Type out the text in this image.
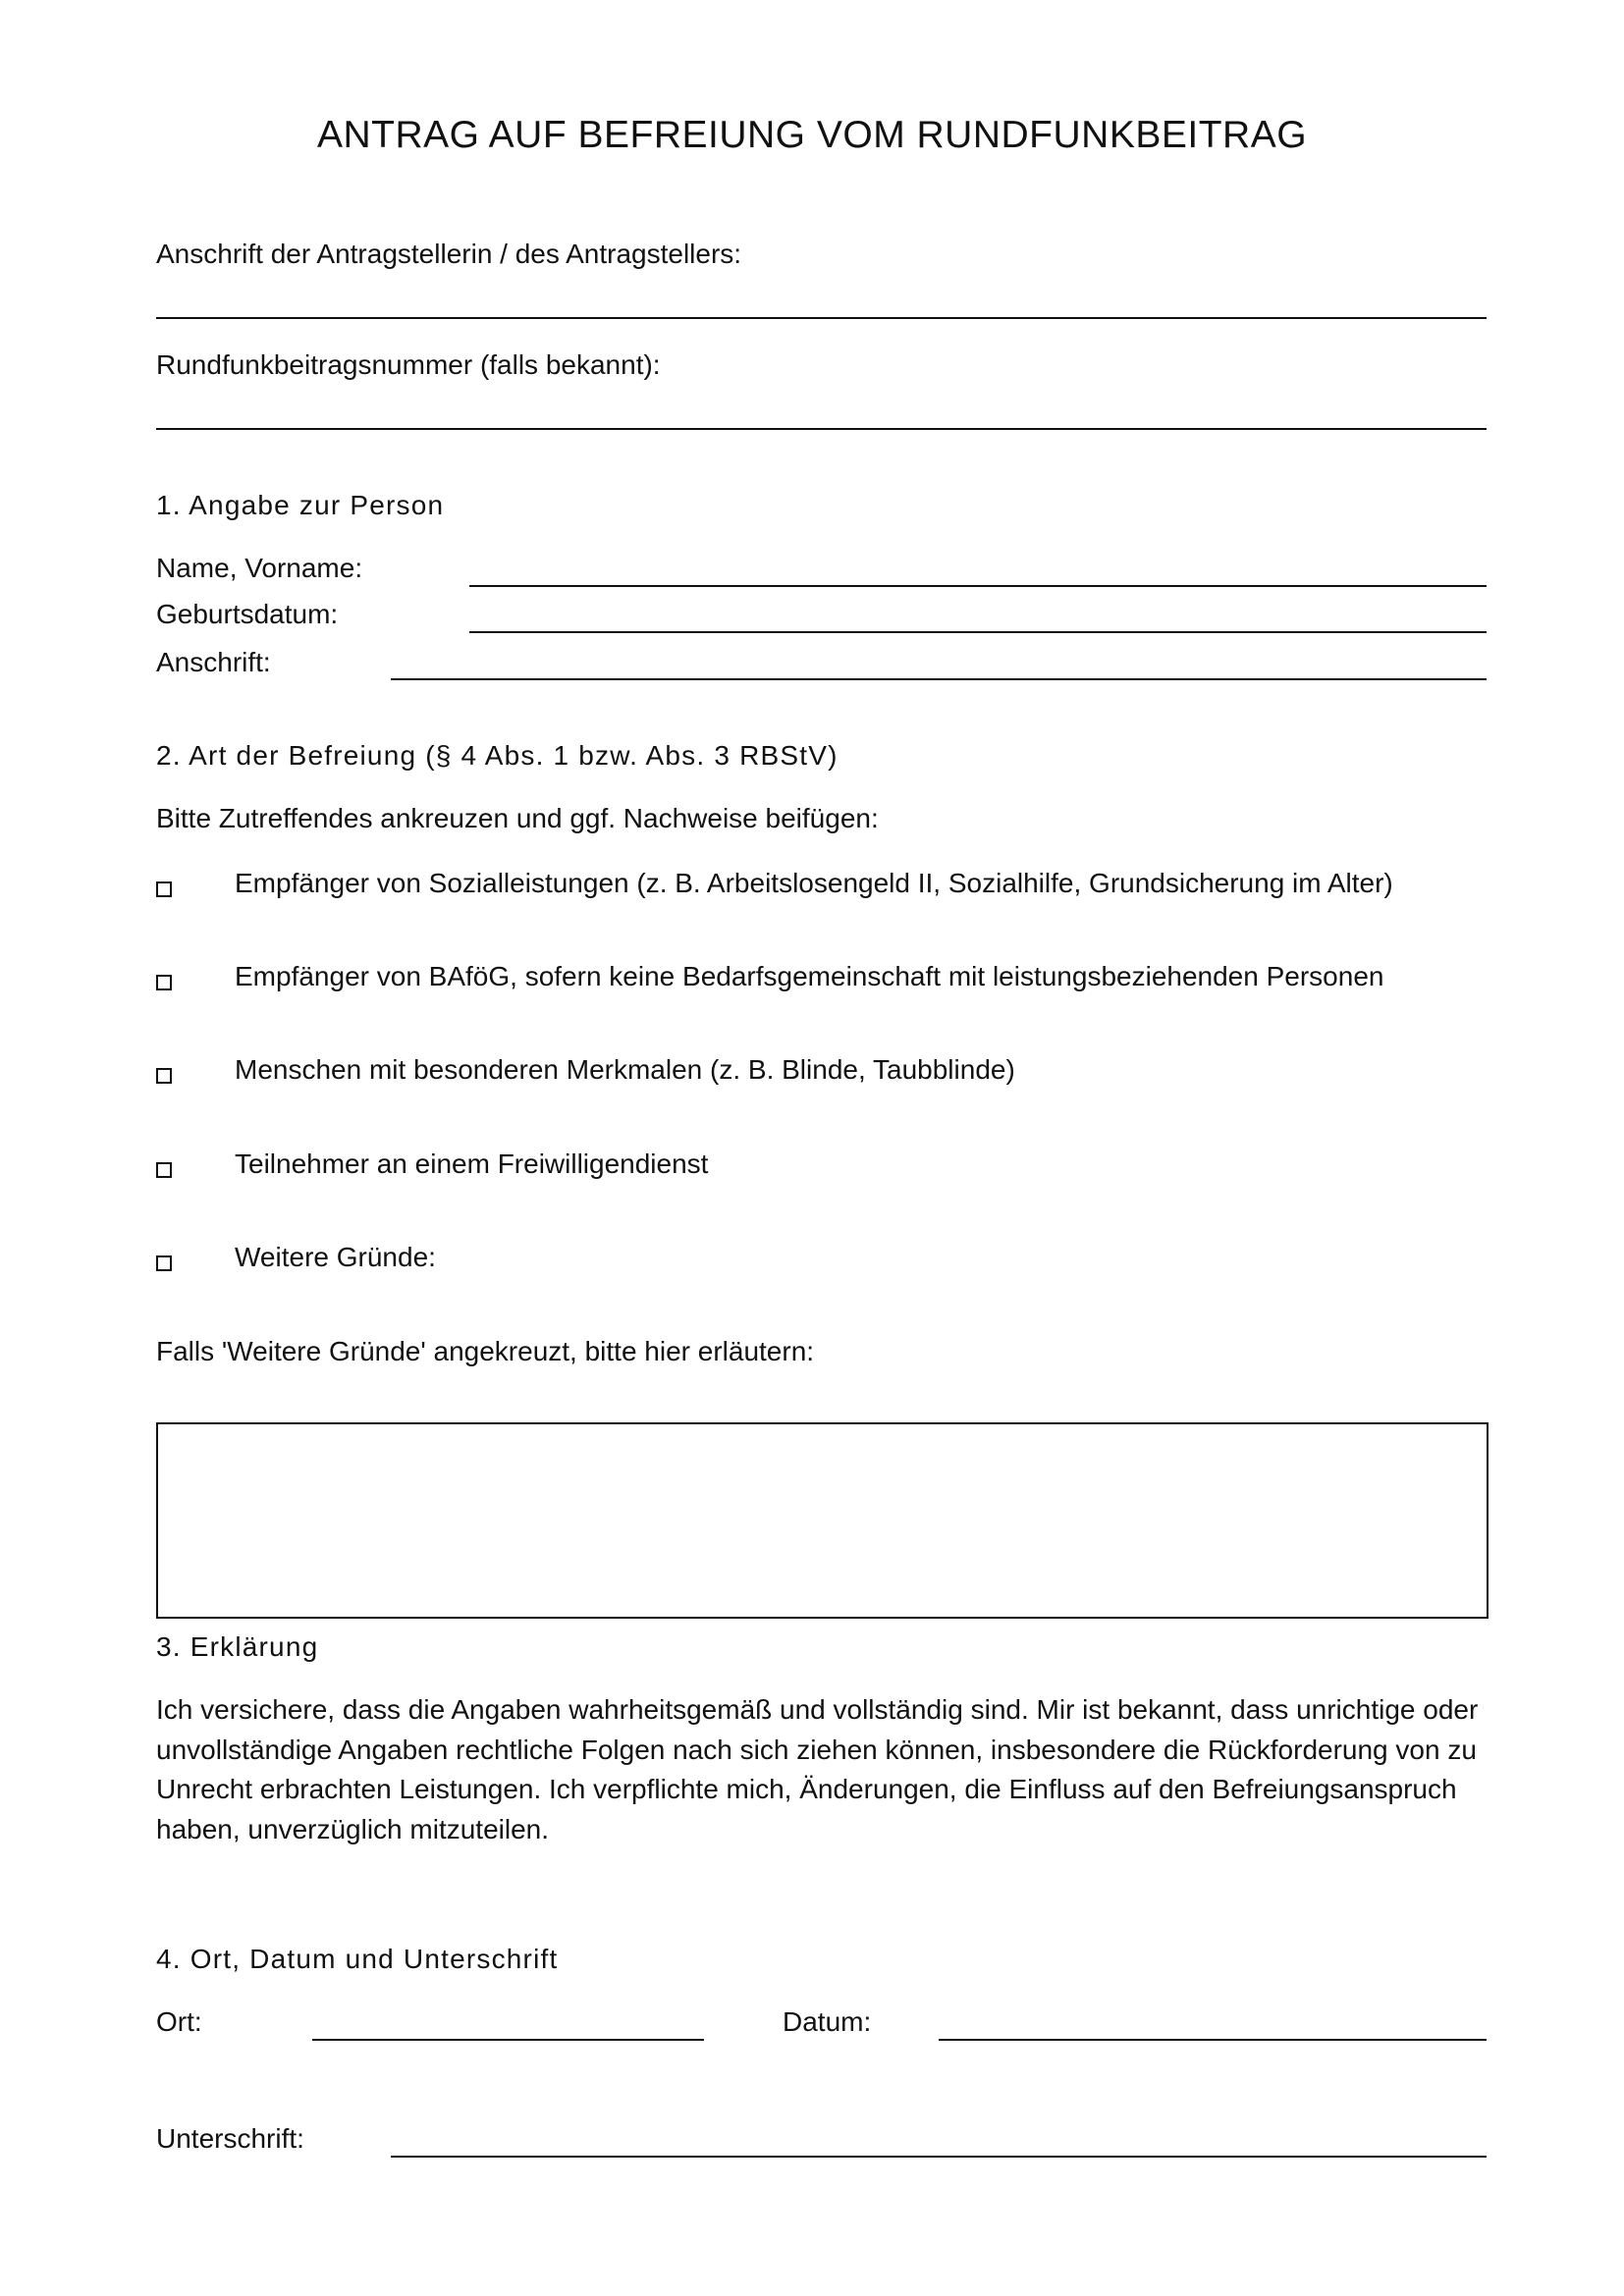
ANTRAG AUF BEFREIUNG VOM RUNDFUNKBEITRAG
Anschrift der Antragstellerin / des Antragstellers:
Rundfunkbeitragsnummer (falls bekannt):
1. Angabe zur Person
Name, Vorname:
Geburtsdatum:
Anschrift:
2. Art der Befreiung (§ 4 Abs. 1 bzw. Abs. 3 RBStV)
Bitte Zutreffendes ankreuzen und ggf. Nachweise beifügen:
Empfänger von Sozialleistungen (z. B. Arbeitslosengeld II, Sozialhilfe, Grundsicherung im Alter)
Empfänger von BAföG, sofern keine Bedarfsgemeinschaft mit leistungsbeziehenden Personen
Menschen mit besonderen Merkmalen (z. B. Blinde, Taubblinde)
Teilnehmer an einem Freiwilligendienst
Weitere Gründe:
Falls 'Weitere Gründe' angekreuzt, bitte hier erläutern:
3. Erklärung
Ich versichere, dass die Angaben wahrheitsgemäß und vollständig sind. Mir ist bekannt, dass unrichtige oder
unvollständige Angaben rechtliche Folgen nach sich ziehen können, insbesondere die Rückforderung von zu
Unrecht erbrachten Leistungen. Ich verpflichte mich, Änderungen, die Einfluss auf den Befreiungsanspruch
haben, unverzüglich mitzuteilen.
4. Ort, Datum und Unterschrift
Ort:	Datum:
Unterschrift:
